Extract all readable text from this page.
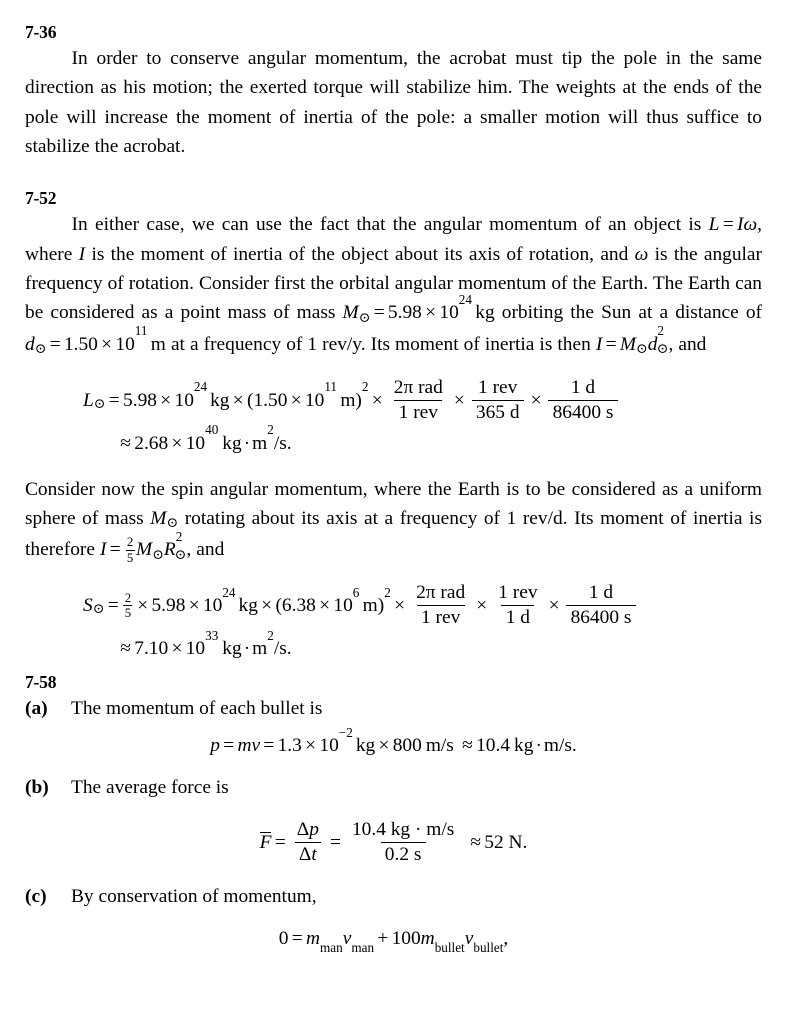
7-36

In order to conserve angular momentum, the acrobat must tip the pole in the same direction as his motion; the exerted torque will stabilize him. The weights at the ends of the pole will increase the moment of inertia of the pole: a smaller motion will thus suffice to stabilize the acrobat.

7-52

In either case, we can use the fact that the angular momentum of an object is L = Iω, where I is the moment of inertia of the object about its axis of rotation, and ω is the angular frequency of rotation. Consider first the orbital angular momentum of the Earth. The Earth can be considered as a point mass of mass M⊙ = $5.98 \times 10^{24}kg$ orbiting the Sun at a distance of d⊙ = $1.50 \times 10^{11}m$ at a frequency of 1 rev/y. Its moment of inertia is then $I = M⊙d^2⊙$, and

L ⊙ = $5.98 \times 10^{24}$
kg × $(1.50 \times 10^{11}m)^2$
× $\frac{\text{2π rad}}{\text{1 rev}} \times \frac{\text{1 rev}}{365 d} \times \frac{1 d}{86400 s}$
≈ $2.68 \times 10^{40}$
kg · $m^2/s$.

Consider now the spin angular momentum, where the Earth is to be considered as a uniform sphere of mass M⊙ rotating about its axis at a frequency of 1 rev/d. Its moment of inertia is therefore $I = \frac{2}{5}$ $M⊙R^2⊙$, and

S ⊙ = $\frac{2}{5} \times 5.98 \times 10^{24}$
kg × $(6.38 \times 10^6m)^2$
× $\frac{\text{2π rad}}{\text{1 rev}} \times \frac{\text{1 rev}}{1 d} \times \frac{1 d}{86400 s}$
≈ $7.10 \times 10^{33}$
kg · $m^2/s$.
7-58
(a)	The momentum of each bullet is
p = m $v = 1.3 \times 10^{-2}$
kg × 800 m/s ≈ 10.4 kg · m/s.
(b)	The average force is
$F = \frac{\Delta p}{\Delta t} = \frac{10.4 kg \cdot m/s}{0.2 s} \approx 52$ N.
(c)	By conservation of momentum,
$0 = m_{man}v_{man} + 100m_{bullet}v_{bullet}$,
